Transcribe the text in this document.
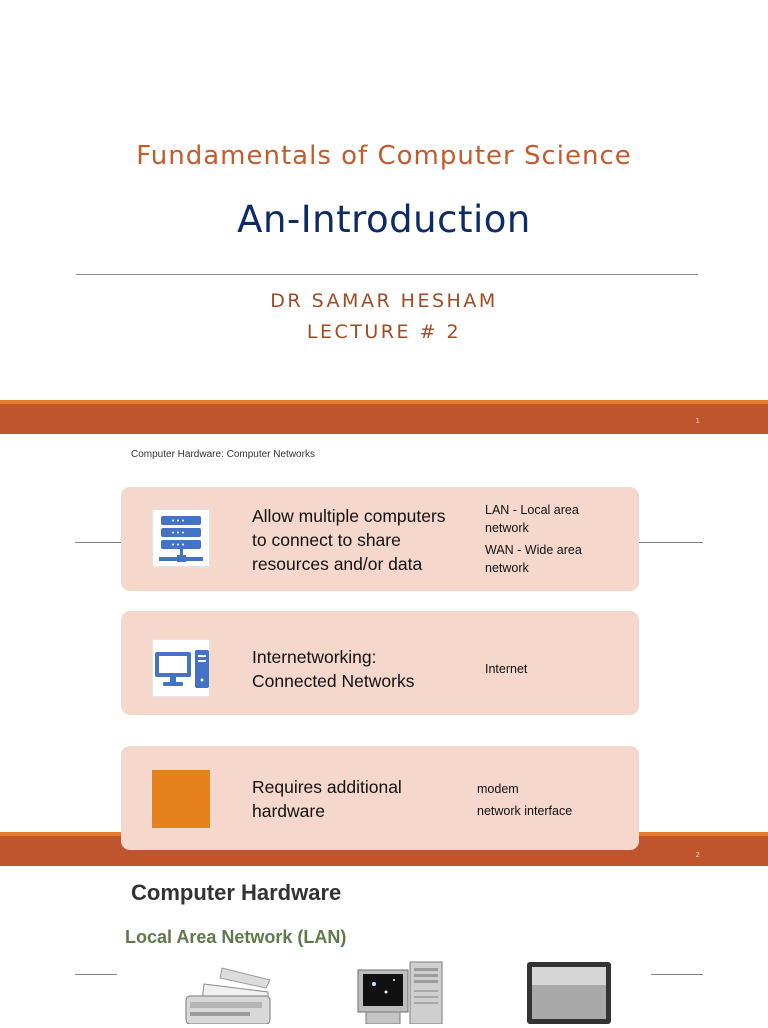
Fundamentals of Computer Science
An-Introduction
DR SAMAR HESHAM
LECTURE # 2
1
Computer Hardware: Computer Networks
Allow multiple computers
to connect to share
resources and/or data
LAN - Local area
network
WAN - Wide area
network
Internetworking:
Connected Networks
Internet
Requires additional
hardware
modem
network interface
2
Computer Hardware
Local Area Network (LAN)
